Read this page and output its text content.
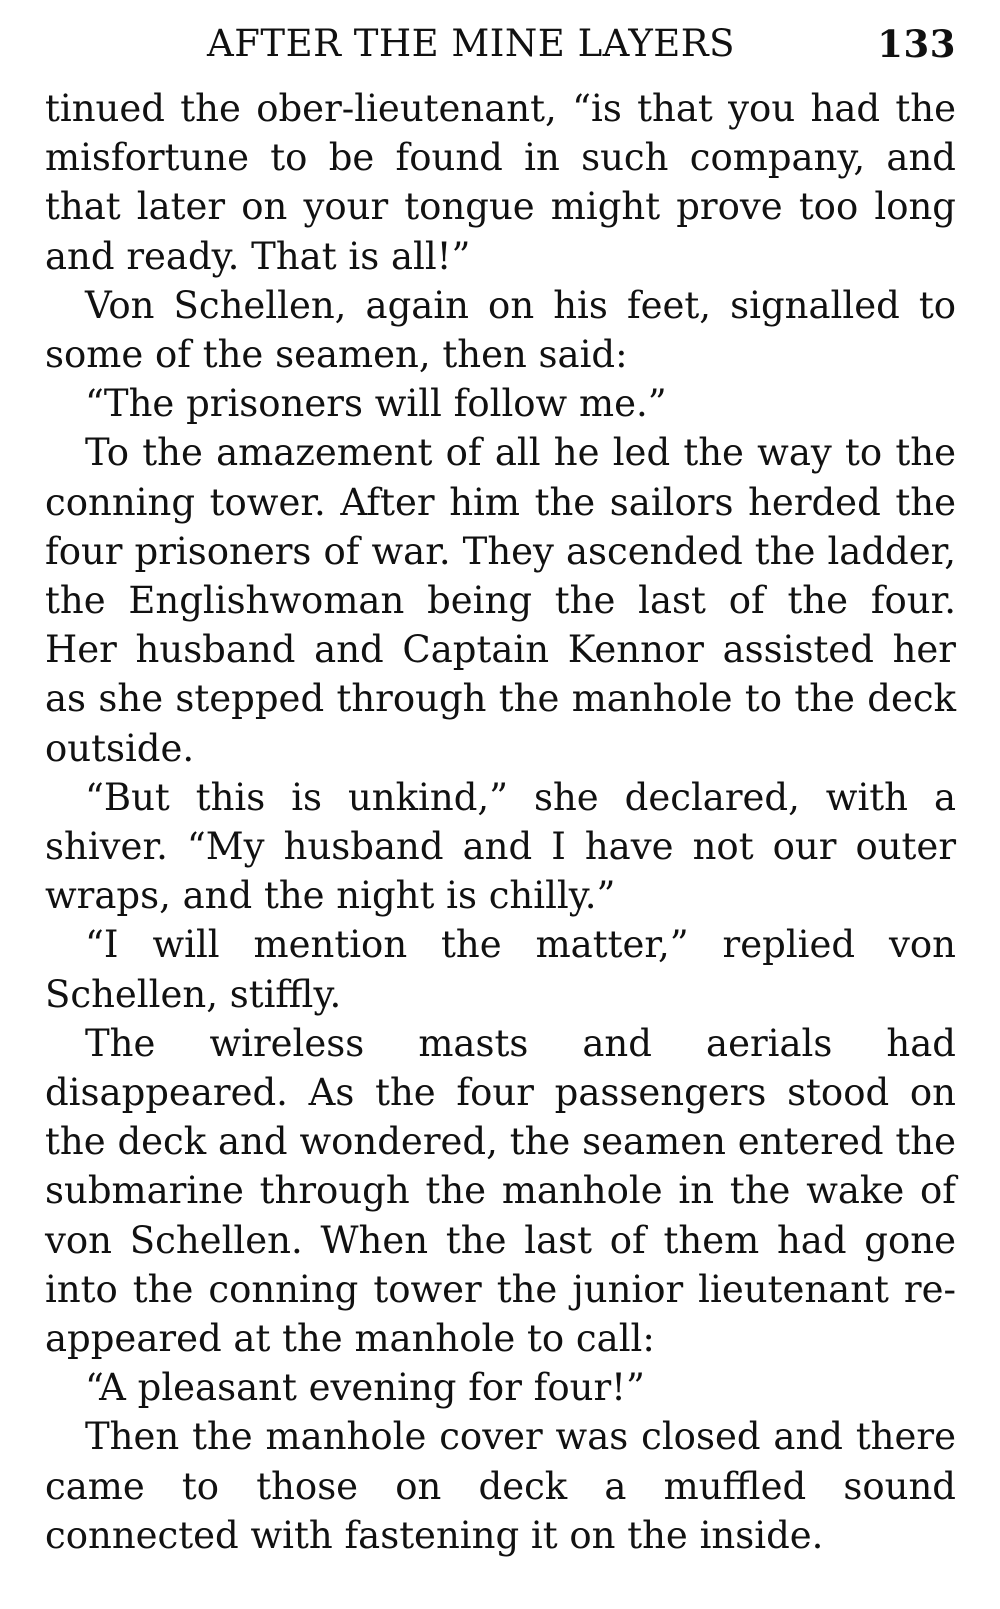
AFTER THE MINE LAYERS	133

tinued the ober-lieutenant, “is that you had the misfortune to be found in such company, and that later on your tongue might prove too long and ready. That is all!”

Von Schellen, again on his feet, signalled to some of the seamen, then said:

“The prisoners will follow me.”

To the amazement of all he led the way to the conning tower. After him the sailors herded the four prisoners of war. They ascended the ladder, the Englishwoman being the last of the four. Her husband and Captain Kennor assisted her as she stepped through the manhole to the deck outside.

“But this is unkind,” she declared, with a shiver. “My husband and I have not our outer wraps, and the night is chilly.”

“I will mention the matter,” replied von Schellen, stiffly.

The wireless masts and aerials had disappeared. As the four passengers stood on the deck and wondered, the seamen entered the submarine through the manhole in the wake of von Schellen. When the last of them had gone into the conning tower the junior lieutenant re-appeared at the manhole to call:

“A pleasant evening for four!”

Then the manhole cover was closed and there came to those on deck a muffled sound connected with fastening it on the inside.
